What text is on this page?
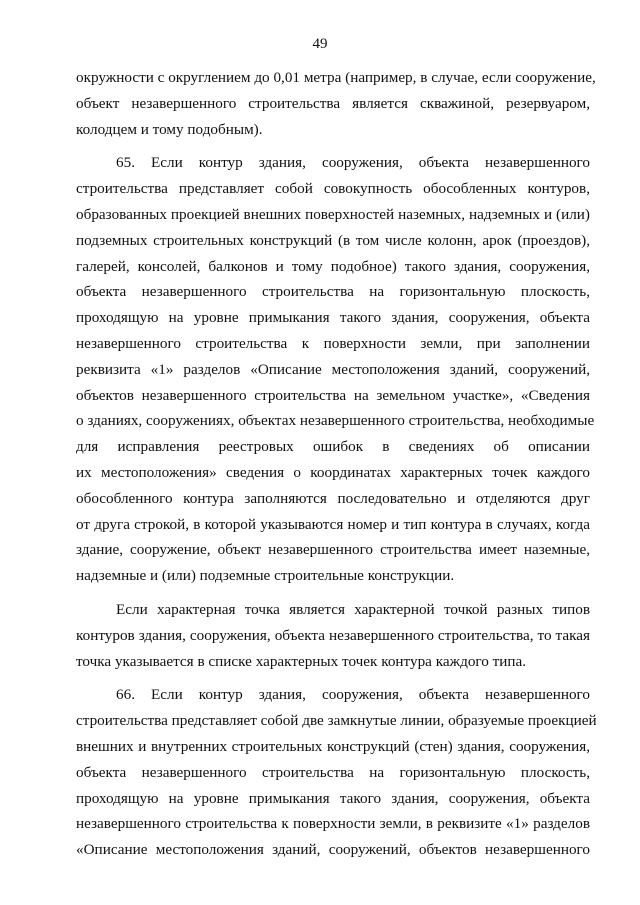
49

окружности с округлением до 0,01 метра (например, в случае, если сооружение,
объект незавершенного строительства является скважиной, резервуаром,
колодцем и тому подобным).

65. Если контур здания, сооружения, объекта незавершенного
строительства представляет собой совокупность обособленных контуров,
образованных проекцией внешних поверхностей наземных, надземных и (или)
подземных строительных конструкций (в том числе колонн, арок (проездов),
галерей, консолей, балконов и тому подобное) такого здания, сооружения,
объекта незавершенного строительства на горизонтальную плоскость,
проходящую на уровне примыкания такого здания, сооружения, объекта
незавершенного строительства к поверхности земли, при заполнении
реквизита «1» разделов «Описание местоположения зданий, сооружений,
объектов незавершенного строительства на земельном участке», «Сведения
о зданиях, сооружениях, объектах незавершенного строительства, необходимые
для исправления реестровых ошибок в сведениях об описании
их местоположения» сведения о координатах характерных точек каждого
обособленного контура заполняются последовательно и отделяются друг
от друга строкой, в которой указываются номер и тип контура в случаях, когда
здание, сооружение, объект незавершенного строительства имеет наземные,
надземные и (или) подземные строительные конструкции.

Если характерная точка является характерной точкой разных типов
контуров здания, сооружения, объекта незавершенного строительства, то такая
точка указывается в списке характерных точек контура каждого типа.

66. Если контур здания, сооружения, объекта незавершенного
строительства представляет собой две замкнутые линии, образуемые проекцией
внешних и внутренних строительных конструкций (стен) здания, сооружения,
объекта незавершенного строительства на горизонтальную плоскость,
проходящую на уровне примыкания такого здания, сооружения, объекта
незавершенного строительства к поверхности земли, в реквизите «1» разделов
«Описание местоположения зданий, сооружений, объектов незавершенного
